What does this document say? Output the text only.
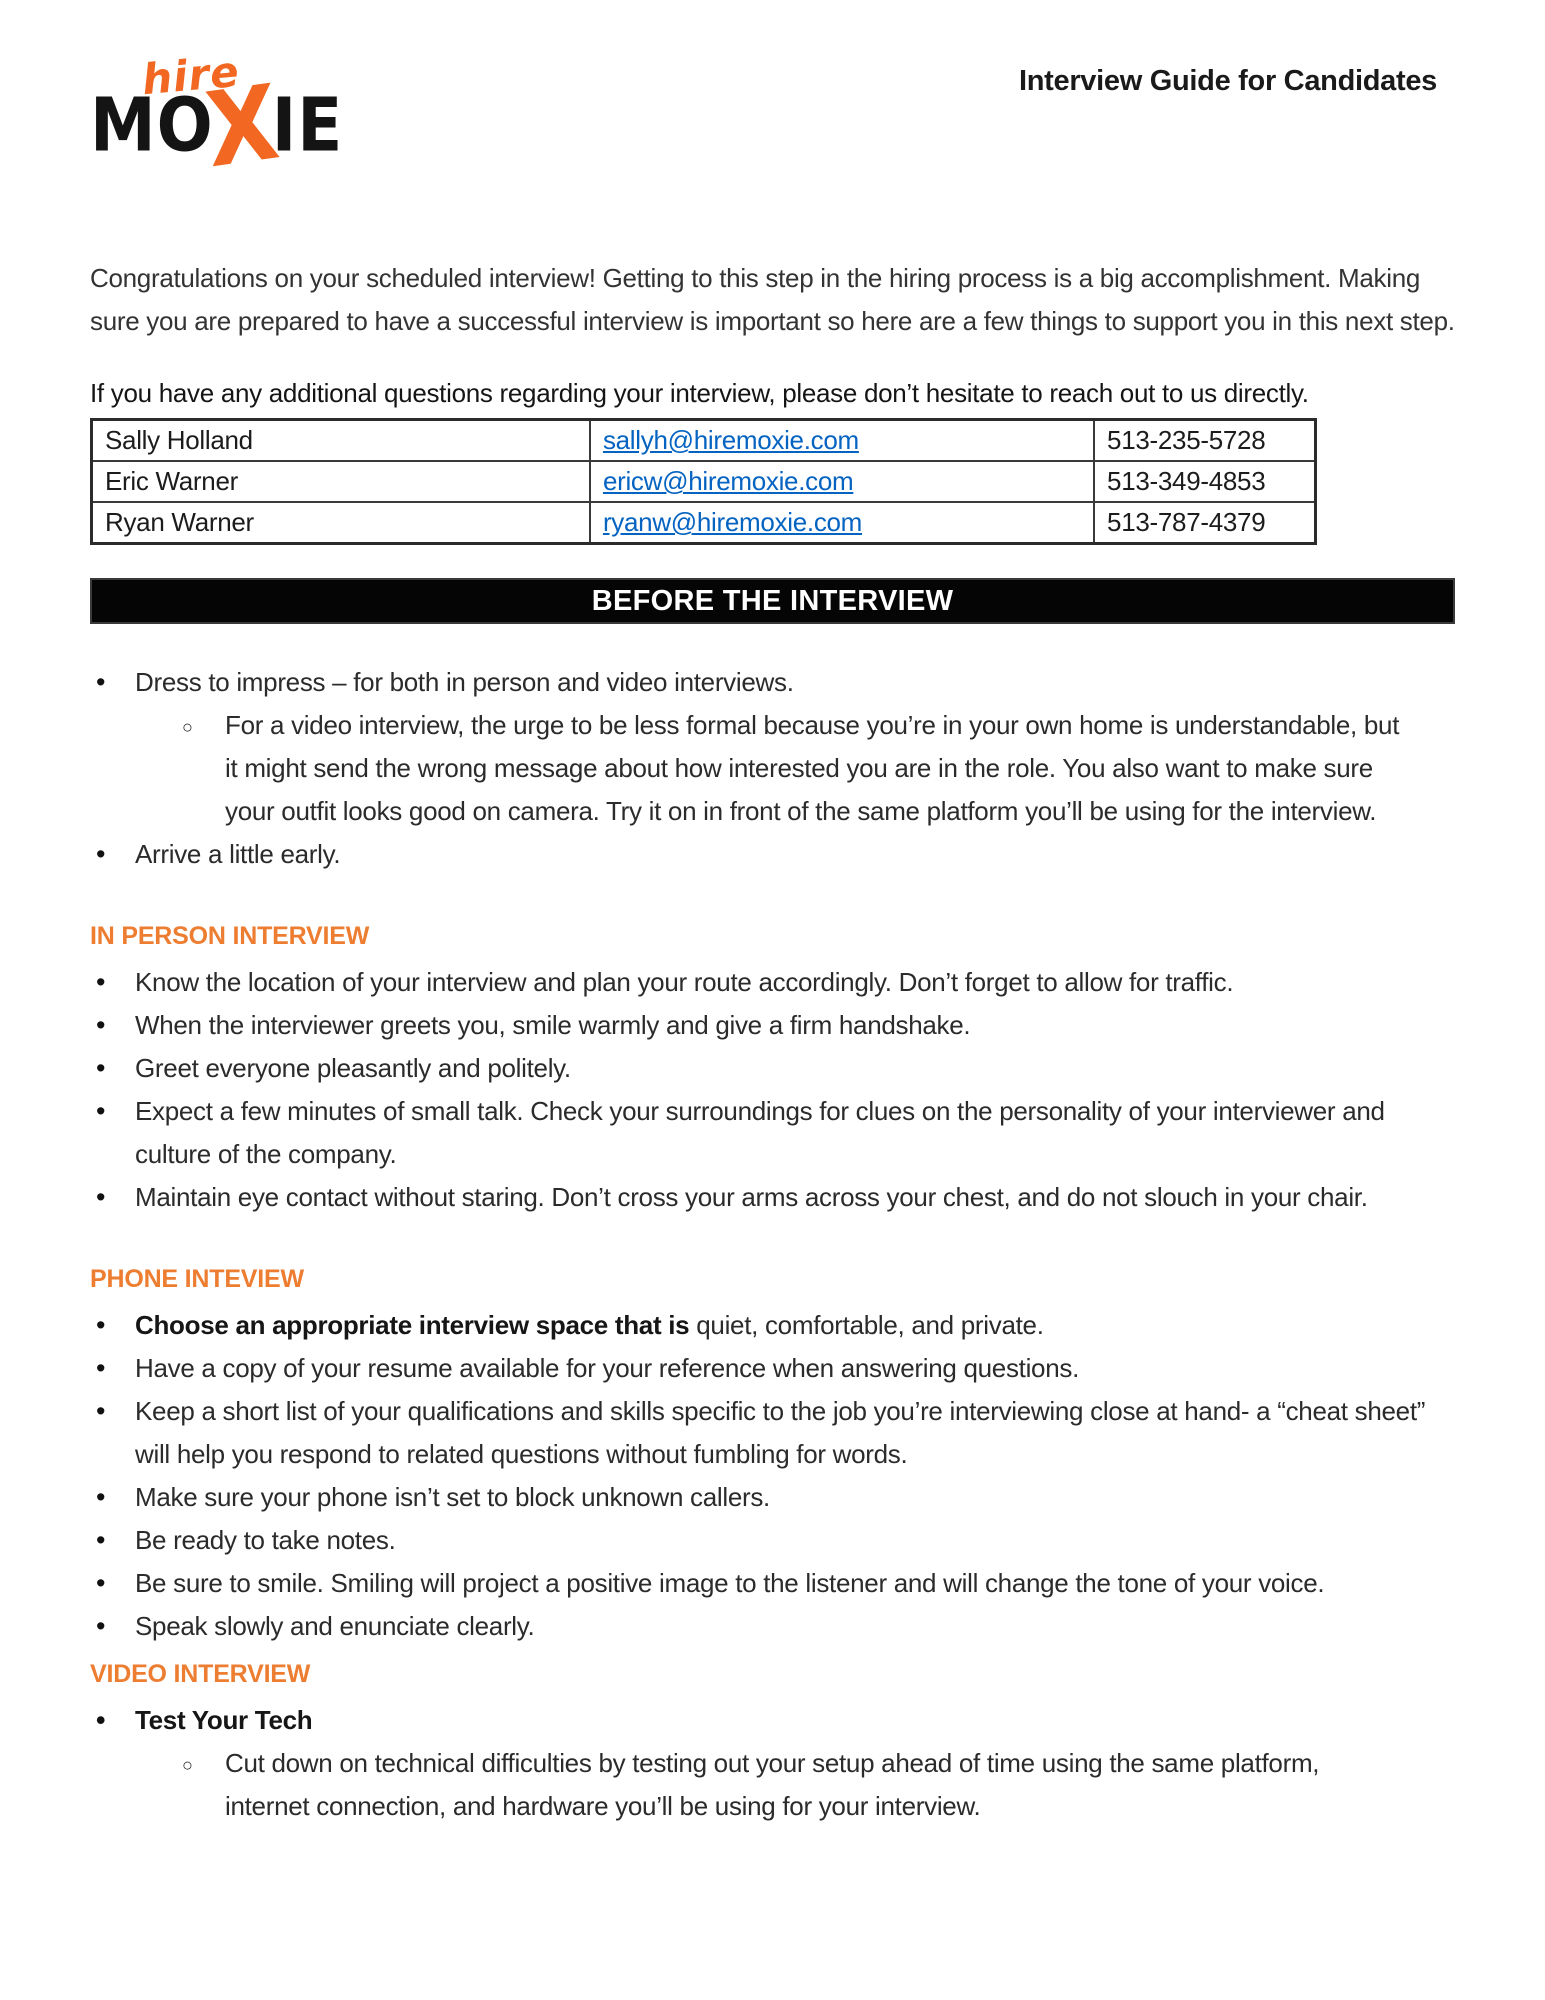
hire
MOXIE
Interview Guide for Candidates

Congratulations on your scheduled interview! Getting to this step in the hiring process is a big accomplishment. Making sure you are prepared to have a successful interview is important so here are a few things to support you in this next step.

If you have any additional questions regarding your interview, please don’t hesitate to reach out to us directly.

Sally Holland	sallyh@hiremoxie.com	513-235-5728
Eric Warner	ericw@hiremoxie.com	513-349-4853
Ryan Warner	ryanw@hiremoxie.com	513-787-4379
BEFORE THE INTERVIEW
• Dress to impress – for both in person and video interviews.
○ For a video interview, the urge to be less formal because you’re in your own home is understandable, but it might send the wrong message about how interested you are in the role. You also want to make sure your outfit looks good on camera. Try it on in front of the same platform you’ll be using for the interview.
• Arrive a little early.
IN PERSON INTERVIEW
• Know the location of your interview and plan your route accordingly. Don’t forget to allow for traffic.
• When the interviewer greets you, smile warmly and give a firm handshake.
• Greet everyone pleasantly and politely.
• Expect a few minutes of small talk. Check your surroundings for clues on the personality of your interviewer and culture of the company.
• Maintain eye contact without staring. Don’t cross your arms across your chest, and do not slouch in your chair.
PHONE INTEVIEW
• Choose an appropriate interview space that is quiet, comfortable, and private.
• Have a copy of your resume available for your reference when answering questions.
• Keep a short list of your qualifications and skills specific to the job you’re interviewing close at hand- a “cheat sheet” will help you respond to related questions without fumbling for words.
• Make sure your phone isn’t set to block unknown callers.
• Be ready to take notes.
• Be sure to smile. Smiling will project a positive image to the listener and will change the tone of your voice.
• Speak slowly and enunciate clearly.
VIDEO INTERVIEW
• Test Your Tech
○ Cut down on technical difficulties by testing out your setup ahead of time using the same platform, internet connection, and hardware you’ll be using for your interview.
